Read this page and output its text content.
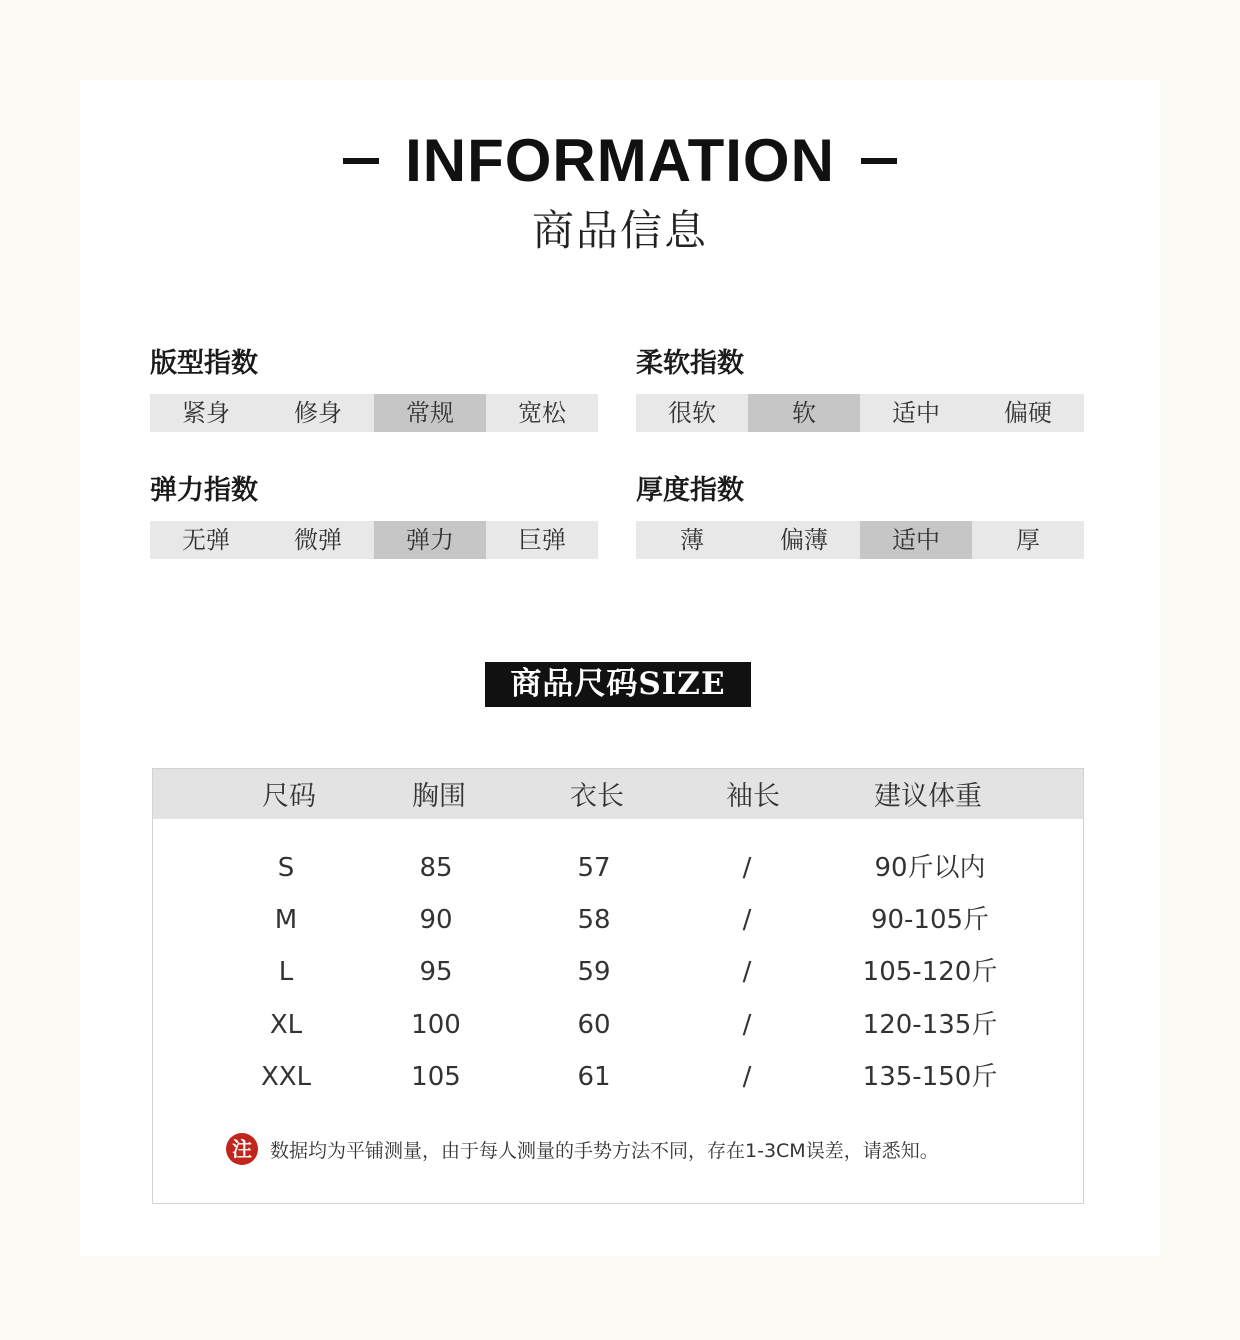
INFORMATION
商品信息
版型指数
紧身	修身	常规	宽松
柔软指数
很软	软	适中	偏硬
弹力指数
无弹	微弹	弹力	巨弹
厚度指数
薄	偏薄	适中	厚
商品尺码SIZE
尺码	胸围	衣长	袖长	建议体重
S	85	57	/	90斤以内
M	90	58	/	90-105斤
L	95	59	/	105-120斤
XL	100	60	/	120-135斤
XXL	105	61	/	135-150斤
注 数据均为平铺测量，由于每人测量的手势方法不同，存在1-3CM误差，请悉知。
